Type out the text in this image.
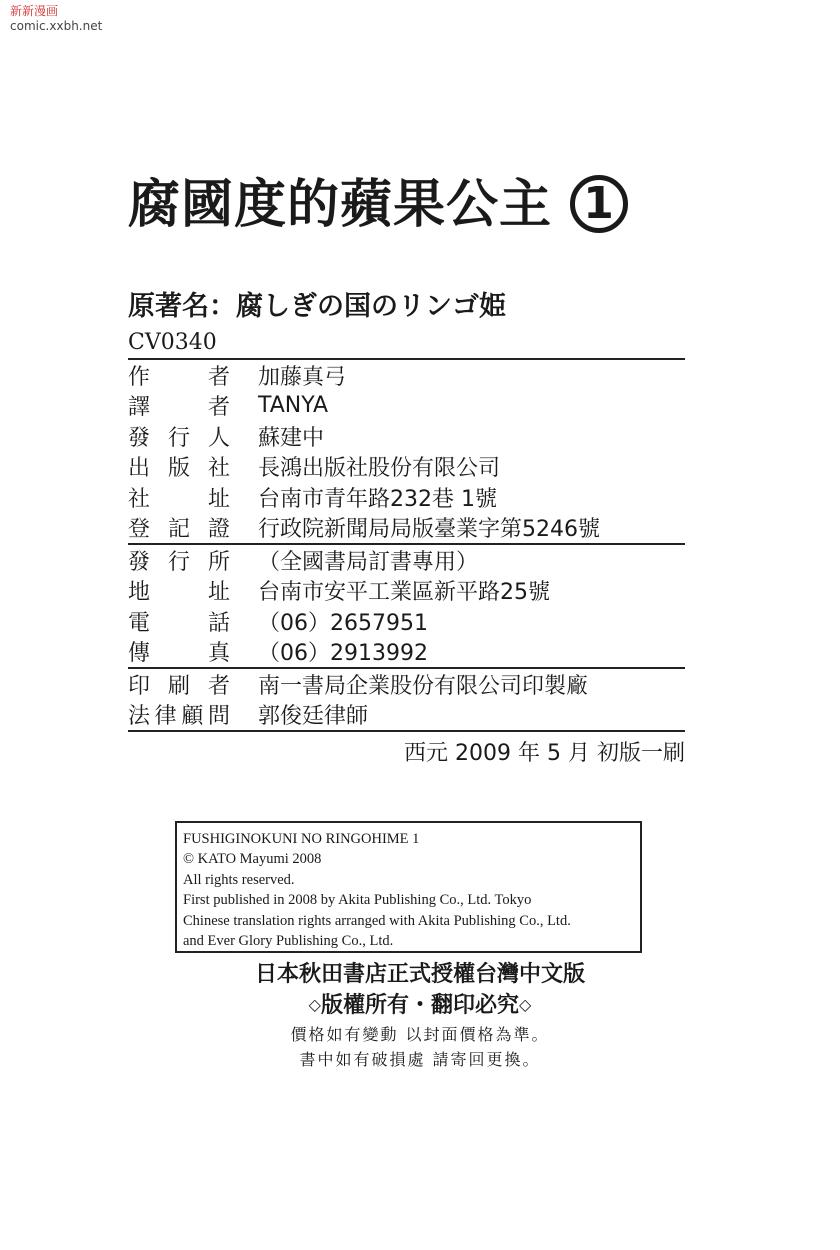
新新漫画
comic.xxbh.net
腐國度的蘋果公主 1
原著名：腐しぎの国のリンゴ姫
CV0340
作	者 加藤真弓
譯	者 TANYA
發 行 人 蘇建中
出 版 社 長鴻出版社股份有限公司
社	址 台南市青年路232巷 1號
登 記 證 行政院新聞局局版臺業字第5246號
發 行 所 （全國書局訂書專用）
地	址 台南市安平工業區新平路25號
電	話 （06）2657951
傳	真 （06）2913992
印 刷 者 南一書局企業股份有限公司印製廠
法 律 顧 問 郭俊廷律師
西元 2009 年 5 月 初版一刷
FUSHIGINOKUNI NO RINGOHIME 1
© KATO Mayumi 2008
All rights reserved.
First published in 2008 by Akita Publishing Co., Ltd. Tokyo
Chinese translation rights arranged with Akita Publishing Co., Ltd.
and Ever Glory Publishing Co., Ltd.
日本秋田書店正式授權台灣中文版
◇版權所有・翻印必究◇
價格如有變動 以封面價格為準。
書中如有破損處 請寄回更換。
